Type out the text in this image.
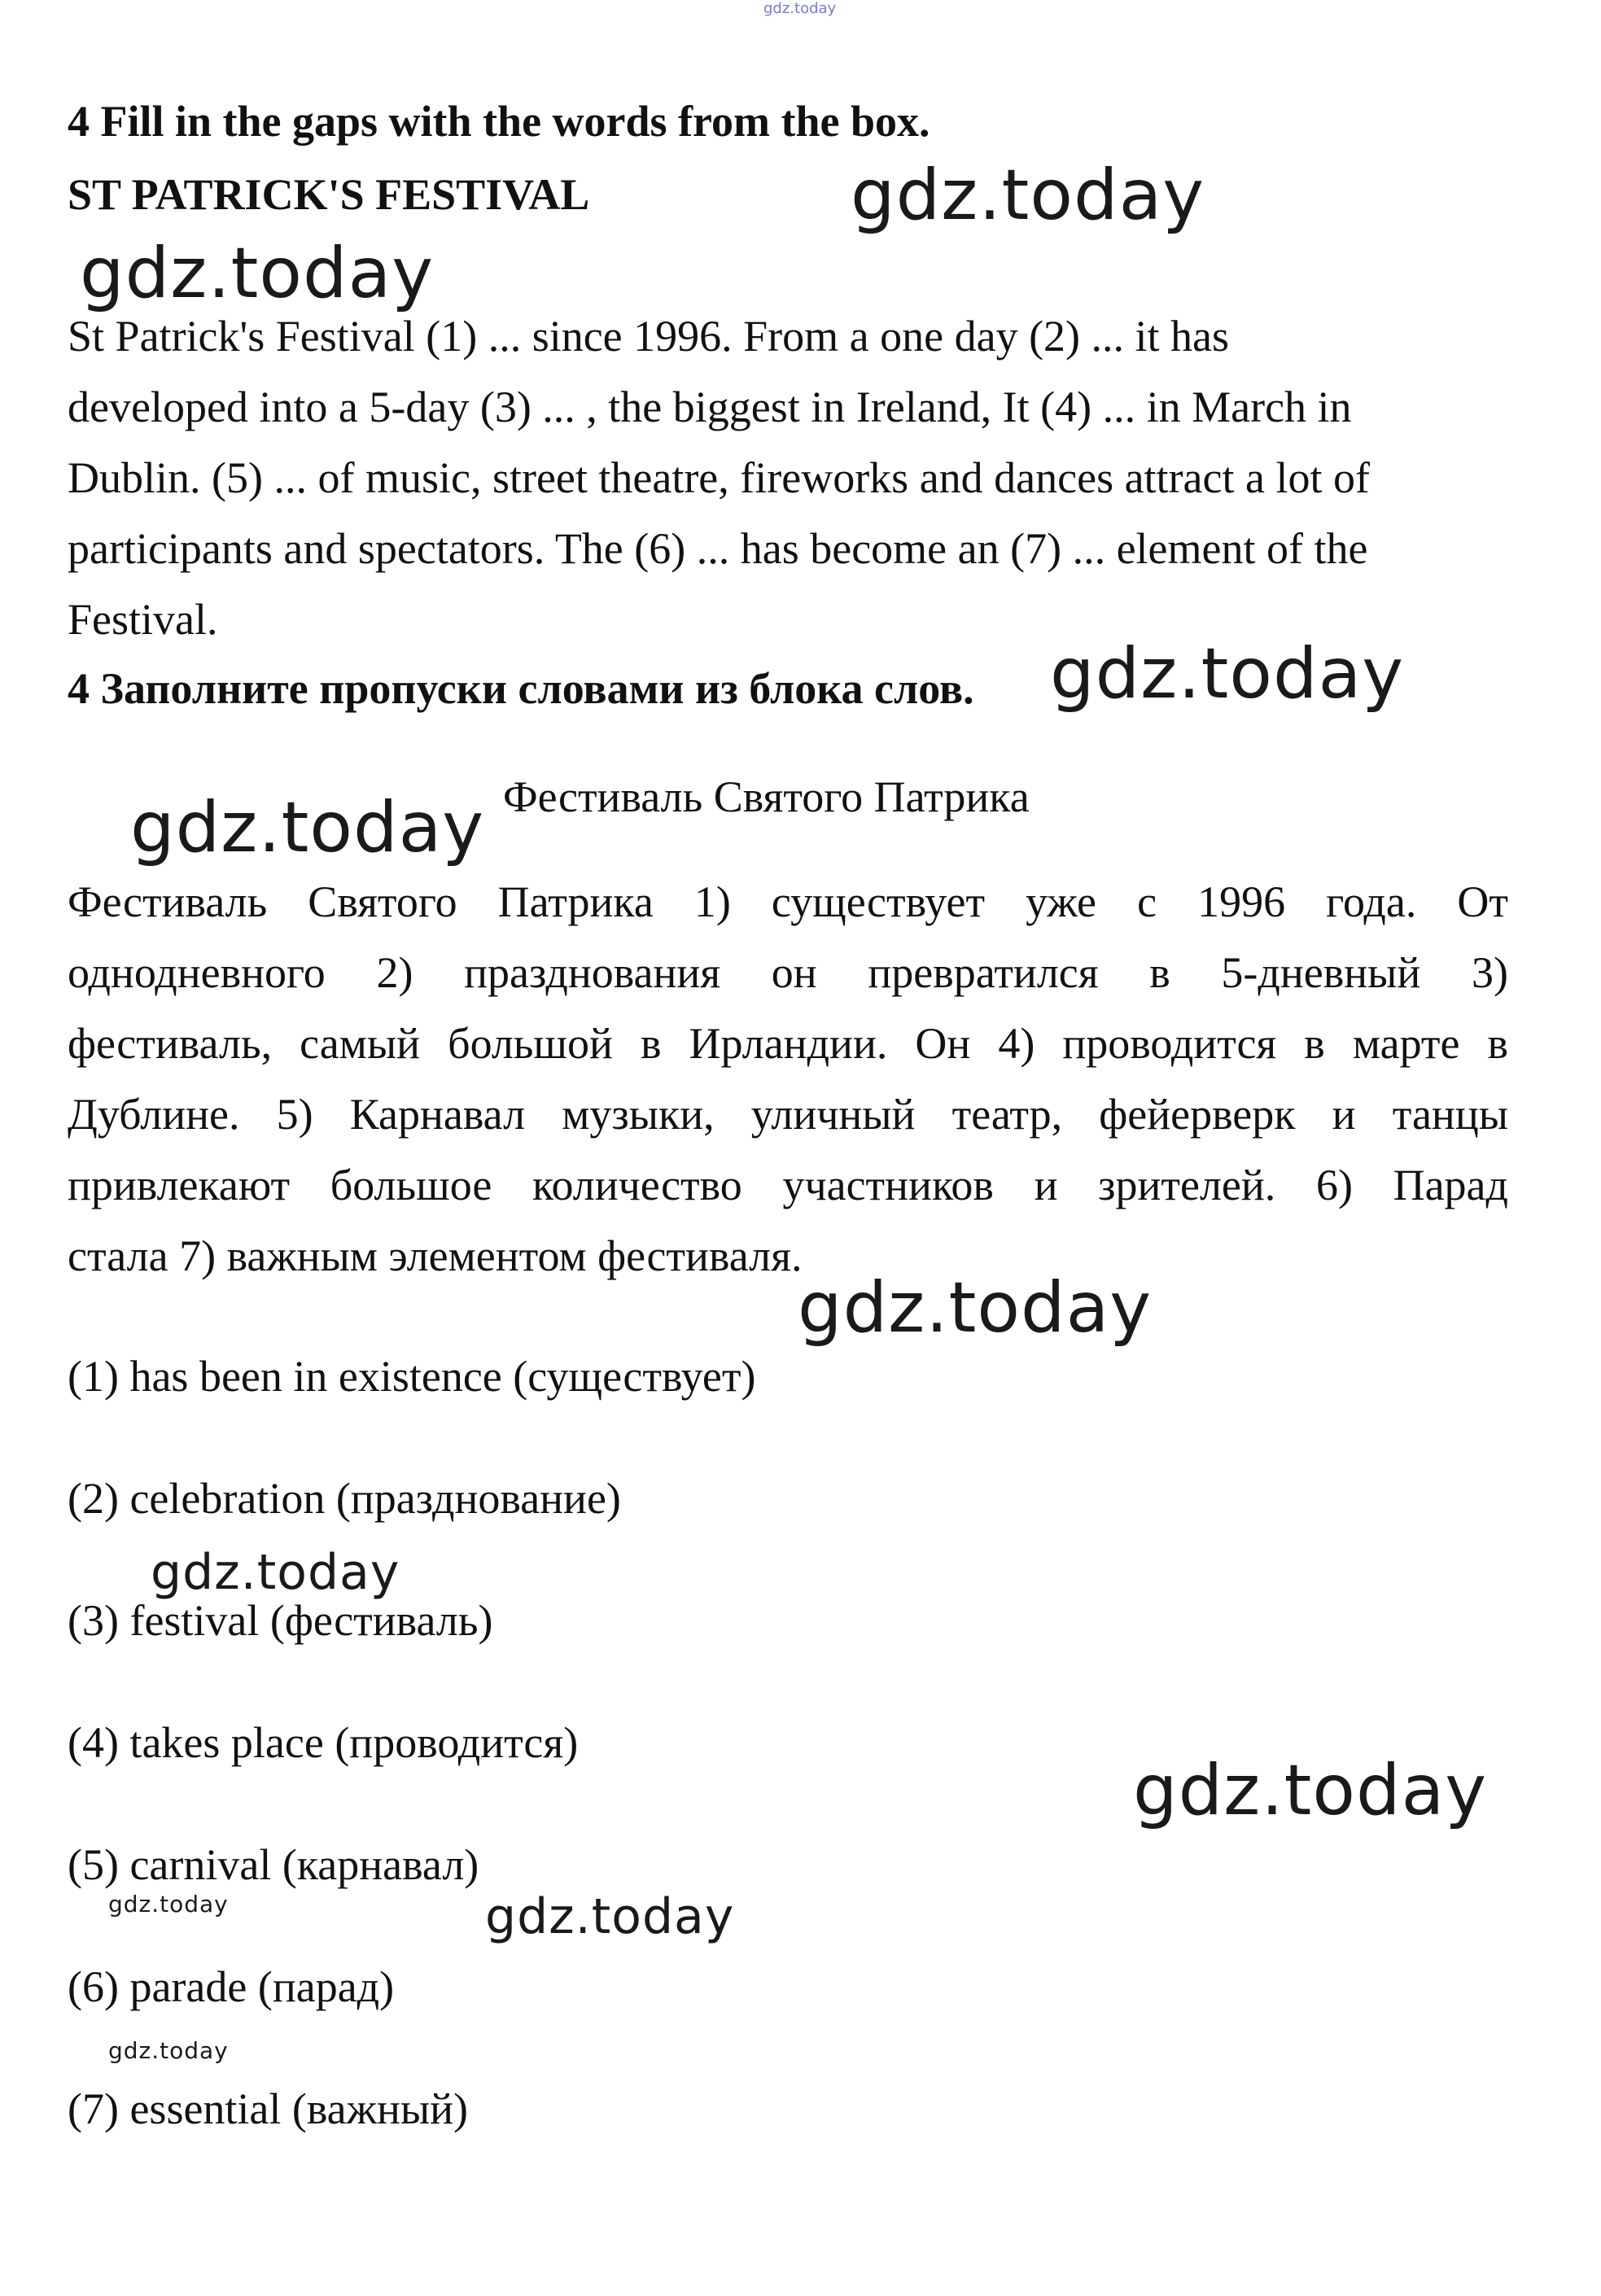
gdz.today
4 Fill in the gaps with the words from the box.
ST PATRICK'S FESTIVAL
St Patrick's Festival (1) ... since 1996. From a one day (2) ... it has
developed into a 5-day (3) ... , the biggest in Ireland, It (4) ... in March in
Dublin. (5) ... of music, street theatre, fireworks and dances attract a lot of
participants and spectators. The (6) ... has become an (7) ... element of the
Festival.
4 Заполните пропуски словами из блока слов.
Фестиваль Святого Патрика
Фестиваль Святого Патрика 1) существует уже с 1996 года. От
однодневного 2) празднования он превратился в 5-дневный 3)
фестиваль, самый большой в Ирландии. Он 4) проводится в марте в
Дублине. 5) Карнавал музыки, уличный театр, фейерверк и танцы
привлекают большое количество участников и зрителей. 6) Парад
стала 7) важным элементом фестиваля.
(1) has been in existence (существует)
(2) celebration (празднование)
(3) festival (фестиваль)
(4) takes place (проводится)
(5) carnival (карнавал)
(6) parade (парад)
(7) essential (важный)
gdz.today
gdz.today
gdz.today
gdz.today
gdz.today
gdz.today
gdz.today
gdz.today	gdz.today
gdz.today
